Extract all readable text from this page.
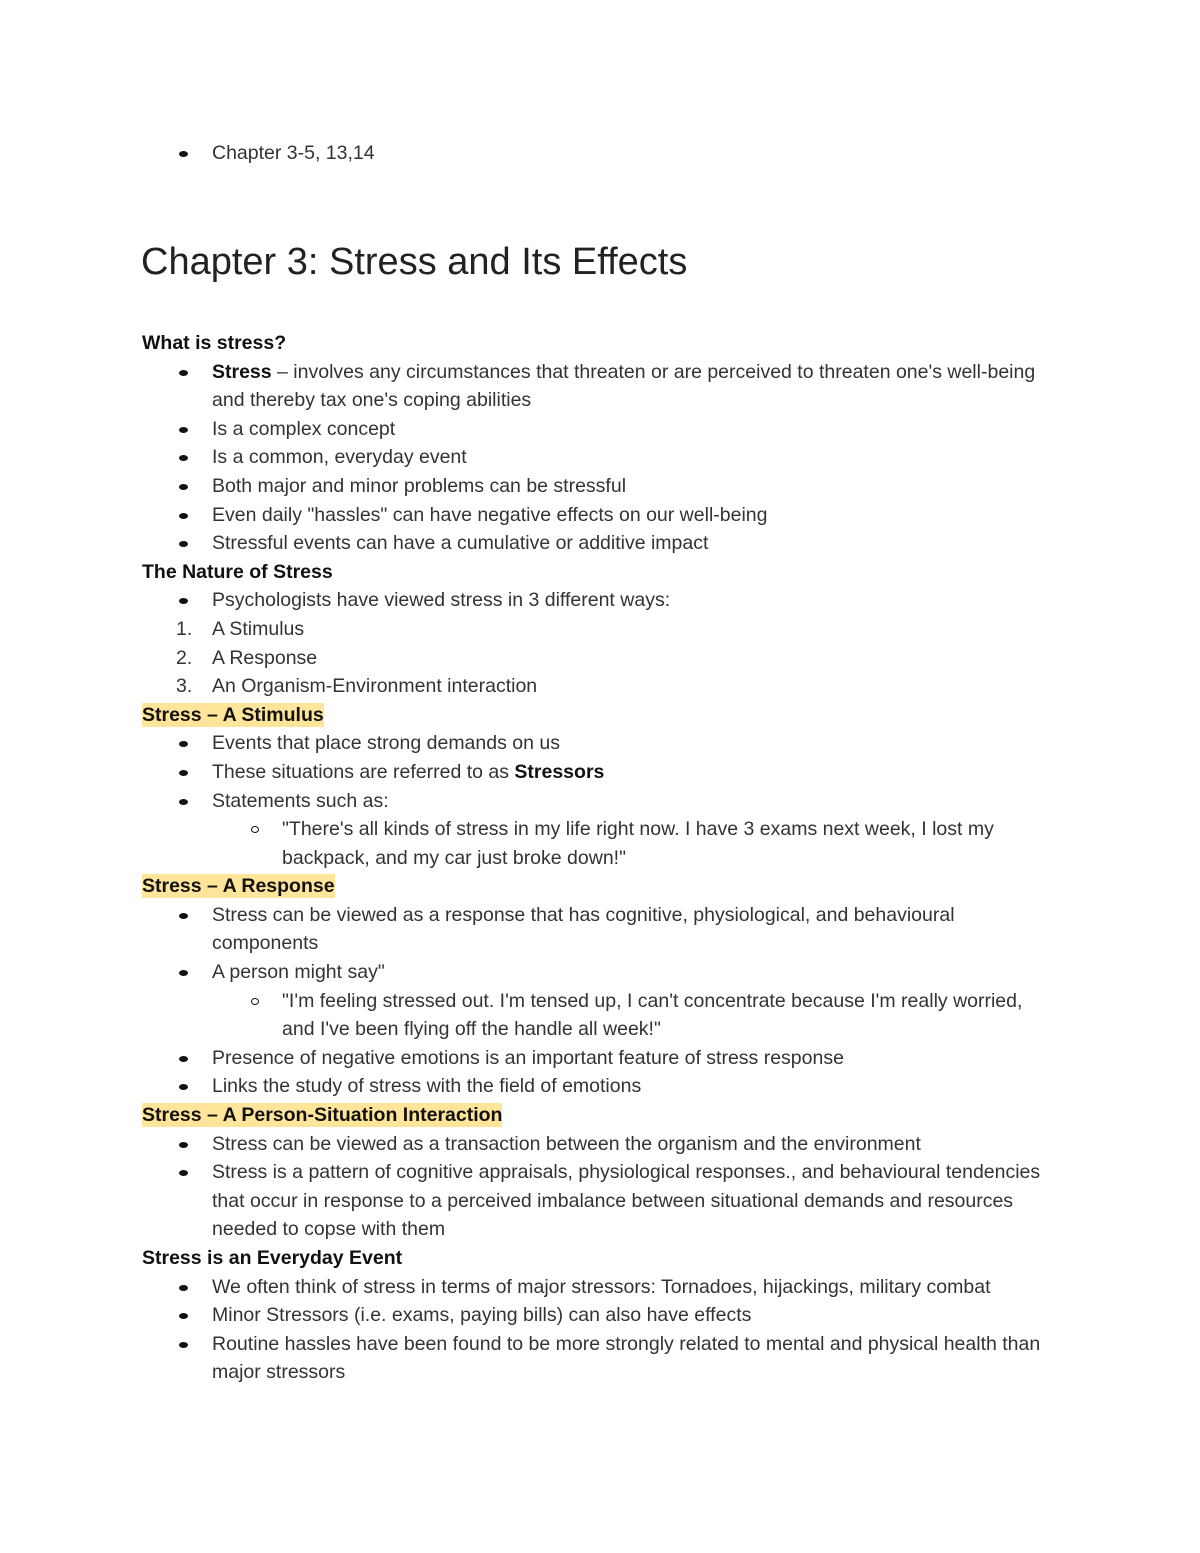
Chapter 3-5, 13,14
Chapter 3: Stress and Its Effects
What is stress?
Stress – involves any circumstances that threaten or are perceived to threaten one's well-being and thereby tax one's coping abilities
Is a complex concept
Is a common, everyday event
Both major and minor problems can be stressful
Even daily "hassles" can have negative effects on our well-being
Stressful events can have a cumulative or additive impact
The Nature of Stress
Psychologists have viewed stress in 3 different ways:
1.	A Stimulus
2.	A Response
3.	An Organism-Environment interaction
Stress – A Stimulus
Events that place strong demands on us
These situations are referred to as Stressors
Statements such as:
"There's all kinds of stress in my life right now. I have 3 exams next week, I lost my backpack, and my car just broke down!"
Stress – A Response
Stress can be viewed as a response that has cognitive, physiological, and behavioural components
A person might say"
"I'm feeling stressed out. I'm tensed up, I can't concentrate because I'm really worried, and I've been flying off the handle all week!"
Presence of negative emotions is an important feature of stress response
Links the study of stress with the field of emotions
Stress – A Person-Situation Interaction
Stress can be viewed as a transaction between the organism and the environment
Stress is a pattern of cognitive appraisals, physiological responses., and behavioural tendencies that occur in response to a perceived imbalance between situational demands and resources needed to copse with them
Stress is an Everyday Event
We often think of stress in terms of major stressors: Tornadoes, hijackings, military combat
Minor Stressors (i.e. exams, paying bills) can also have effects
Routine hassles have been found to be more strongly related to mental and physical health than major stressors
